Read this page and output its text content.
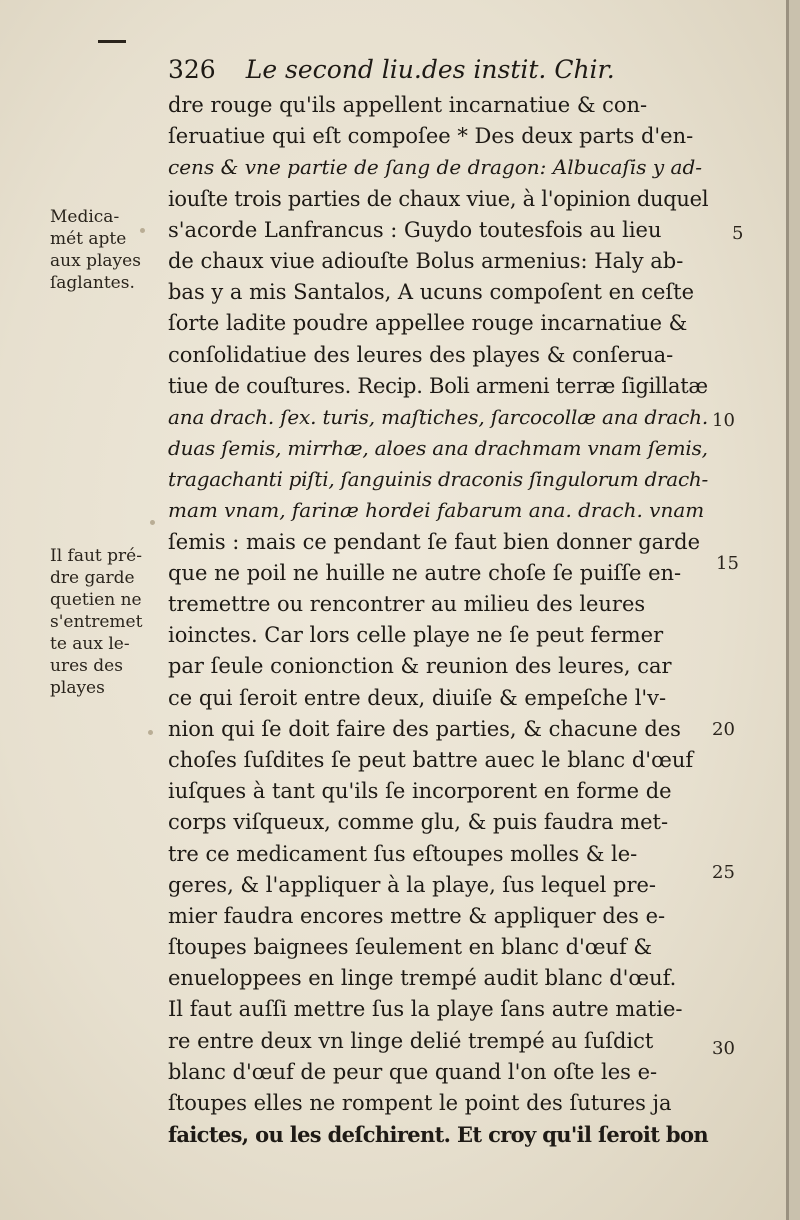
326 Le second liu.des instit. Chir.
dre rouge qu'ils appellent incarnatiue & con-
ſeruatiue qui eſt compoſee * Des deux parts d'en-
cens & vne partie de ſang de dragon: Albucaſis y ad-
iouſte trois parties de chaux viue, à l'opinion duquel
s'acorde Lanfrancus : Guydo toutesfois au lieu
de chaux viue adiouſte Bolus armenius: Haly ab-
bas y a mis Santalos, A ucuns compoſent en ceſte
ſorte ladite poudre appellee rouge incarnatiue &
conſolidatiue des leures des playes & conſerua-
tiue de couſtures. Recip. Boli armeni terræ ſigillatæ
ana drach. ſex. turis, maſtiches, ſarcocollæ ana drach.
duas ſemis, mirrhæ, aloes ana drachmam vnam ſemis,
tragachanti piſti, ſanguinis draconis ſingulorum drach-
mam vnam, farinæ hordei fabarum ana. drach. vnam
ſemis : mais ce pendant ſe faut bien donner garde
que ne poil ne huille ne autre choſe ſe puiſſe en-
tremettre ou rencontrer au milieu des leures
ioinctes. Car lors celle playe ne ſe peut fermer
par ſeule conionction & reunion des leures, car
ce qui ſeroit entre deux, diuiſe & empeſche l'v-
nion qui ſe doit faire des parties, & chacune des
choſes ſuſdites ſe peut battre auec le blanc d'œuf
iuſques à tant qu'ils ſe incorporent en forme de
corps viſqueux, comme glu, & puis faudra met-
tre ce medicament ſus eſtoupes molles & le-
geres, & l'appliquer à la playe, ſus lequel pre-
mier faudra encores mettre & appliquer des e-
ſtoupes baignees ſeulement en blanc d'œuf &
enueloppees en linge trempé audit blanc d'œuf.
Il faut auſſi mettre ſus la playe ſans autre matie-
re entre deux vn linge delié trempé au ſuſdict
blanc d'œuf de peur que quand l'on oſte les e-
ſtoupes elles ne rompent le point des ſutures ja
faictes, ou les deſchirent. Et croy qu'il ſeroit bon
Medica-
mét apte
aux playes
ſaglantes.
Il faut pré-
dre garde
quetien ne
s'entremet
te aux le-
ures des
playes
5
10
15
20
25
30
